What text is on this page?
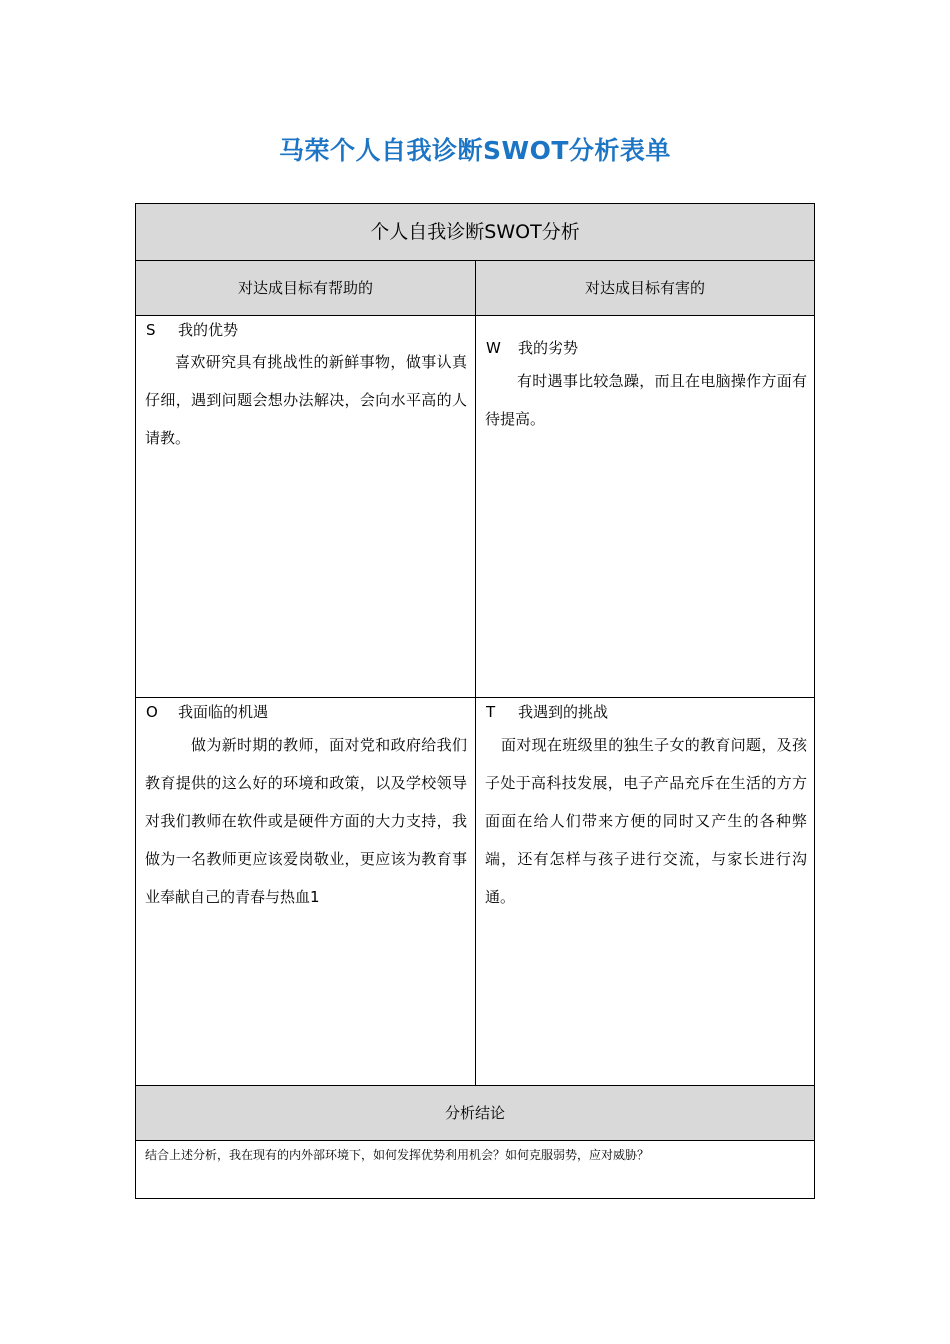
马荣个人自我诊断SWOT分析表单
个人自我诊断SWOT分析
对达成目标有帮助的	对达成目标有害的
S 我的优势
喜欢研究具有挑战性的新鲜事物，做事认真仔细，遇到问题会想办法解决，会向水平高的人请教。
W 我的劣势
有时遇事比较急躁，而且在电脑操作方面有待提高。
O 我面临的机遇
做为新时期的教师，面对党和政府给我们教育提供的这么好的环境和政策，以及学校领导对我们教师在软件或是硬件方面的大力支持，我做为一名教师更应该爱岗敬业，更应该为教育事业奉献自己的青春与热血1
T 我遇到的挑战
面对现在班级里的独生子女的教育问题，及孩子处于高科技发展，电子产品充斥在生活的方方面面在给人们带来方便的同时又产生的各种弊端，还有怎样与孩子进行交流，与家长进行沟通。
分析结论
结合上述分析，我在现有的内外部环境下，如何发挥优势利用机会？如何克服弱势，应对威胁？
